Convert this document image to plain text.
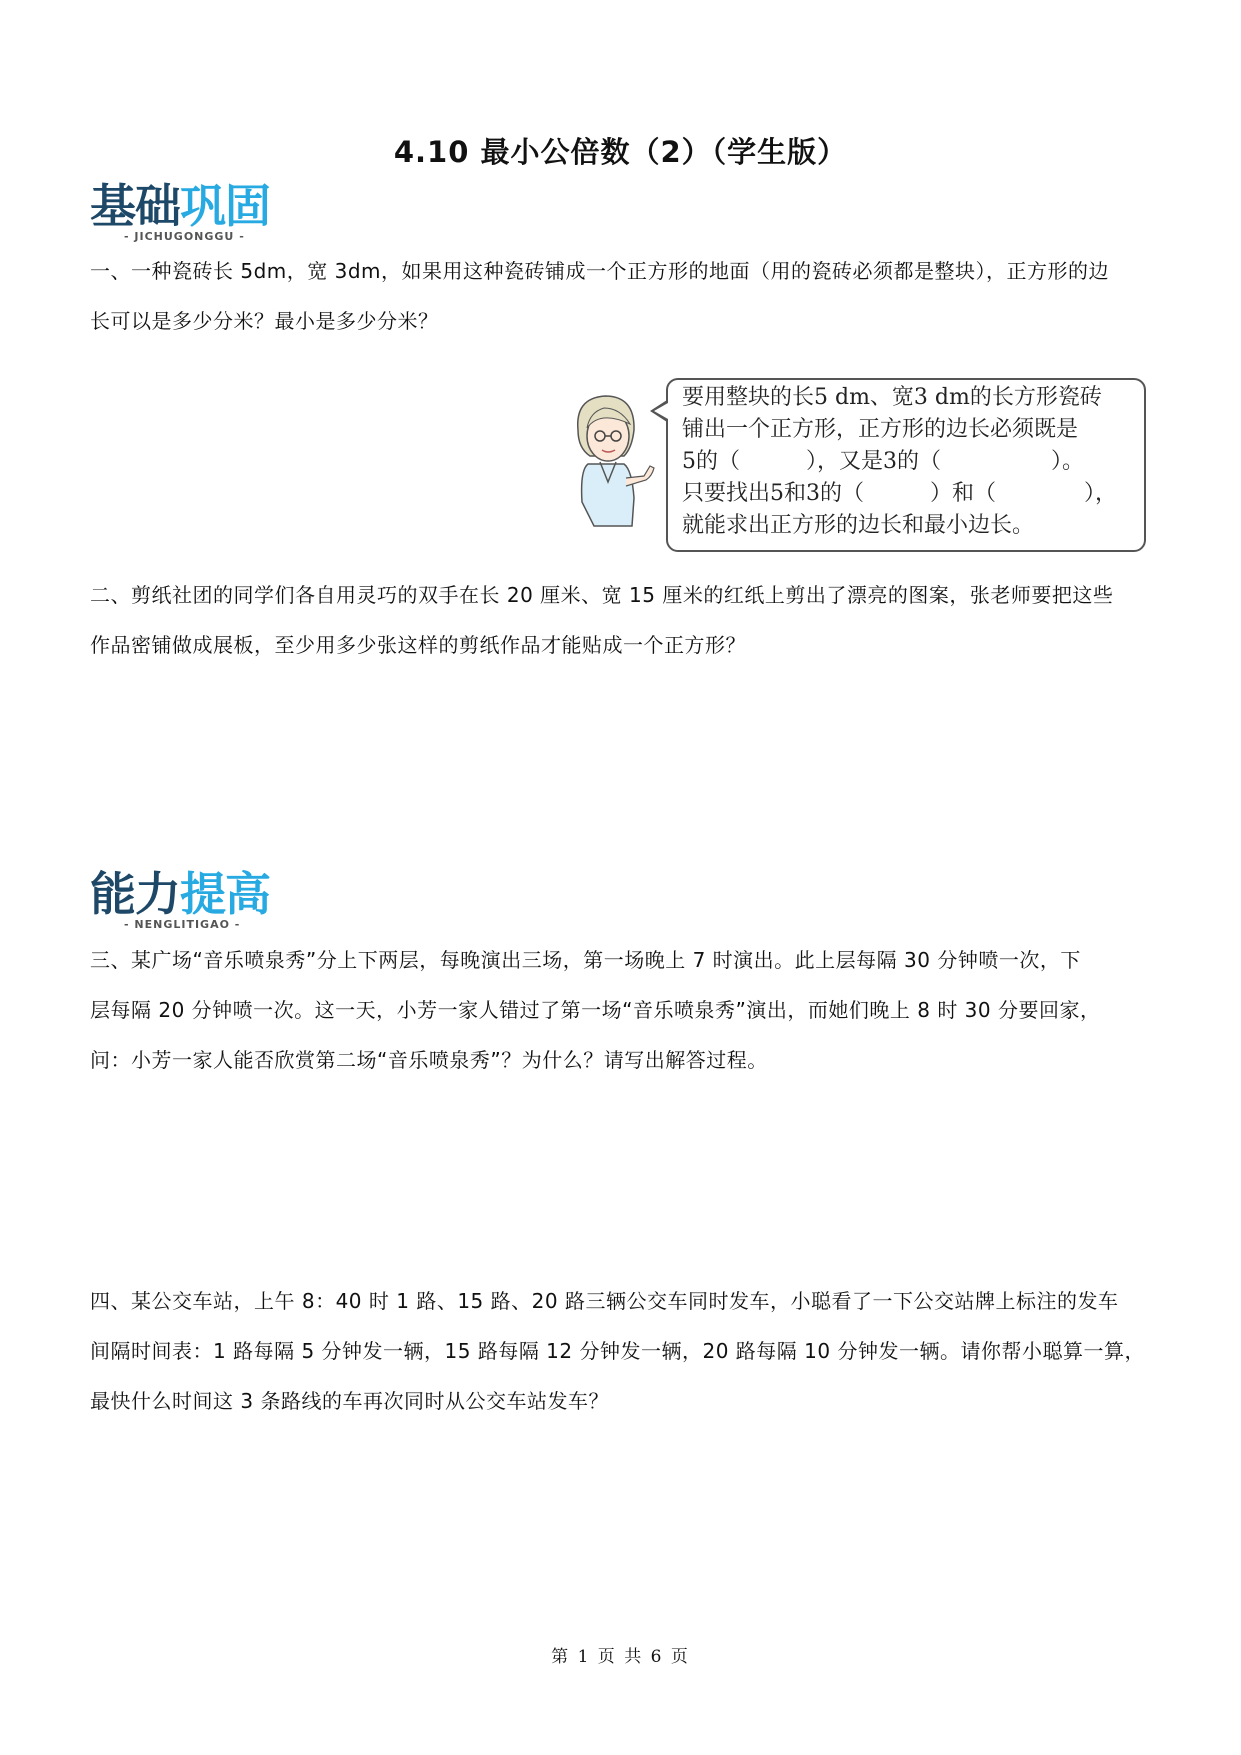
4.10 最小公倍数（2）（学生版）
基础巩固
- JICHUGONGGU -
一、一种瓷砖长 5dm，宽 3dm，如果用这种瓷砖铺成一个正方形的地面（用的瓷砖必须都是整块），正方形的边
长可以是多少分米？最小是多少分米？
要用整块的长5 dm、宽3 dm的长方形瓷砖
铺出一个正方形，正方形的边长必须既是
5的（　　　），又是3的（　　　　　）。
只要找出5和3的（　　　）和（　　　　），
就能求出正方形的边长和最小边长。
二、剪纸社团的同学们各自用灵巧的双手在长 20 厘米、宽 15 厘米的红纸上剪出了漂亮的图案，张老师要把这些
作品密铺做成展板，至少用多少张这样的剪纸作品才能贴成一个正方形？
能力提高
- NENGLITIGAO -
三、某广场“音乐喷泉秀”分上下两层，每晚演出三场，第一场晚上 7 时演出。此上层每隔 30 分钟喷一次，下
层每隔 20 分钟喷一次。这一天，小芳一家人错过了第一场“音乐喷泉秀”演出，而她们晚上 8 时 30 分要回家，
问：小芳一家人能否欣赏第二场“音乐喷泉秀”？为什么？请写出解答过程。
四、某公交车站，上午 8：40 时 1 路、15 路、20 路三辆公交车同时发车，小聪看了一下公交站牌上标注的发车
间隔时间表：1 路每隔 5 分钟发一辆，15 路每隔 12 分钟发一辆，20 路每隔 10 分钟发一辆。请你帮小聪算一算，
最快什么时间这 3 条路线的车再次同时从公交车站发车？
第 1 页 共 6 页
